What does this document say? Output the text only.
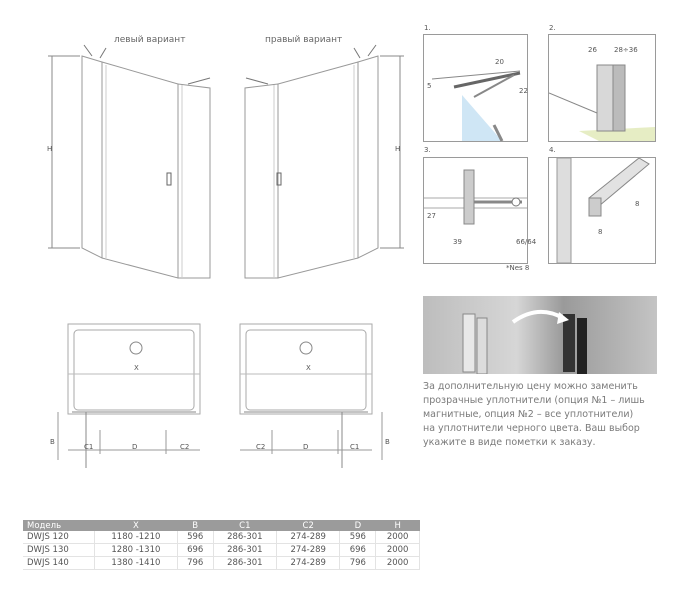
левый вариант	правый вариант
H	H
X	X
B	B
C1	D	C2	C2	D	C1
1.
20
5
22
2.
26 28÷36
3.
27
39	66/64
*Nes 8
4.
8
8
За дополнительную цену можно заменить
прозрачные уплотнители (опция №1 – лишь
магнитные, опция №2 – все уплотнители)
на уплотнители черного цвета. Ваш выбор
укажите в виде пометки к заказу.
Модель	X	B	C1	C2	D	H
DWJS 120	1180 -1210	596	286-301	274-289	596	2000
DWJS 130	1280 -1310	696	286-301	274-289	696	2000
DWJS 140	1380 -1410	796	286-301	274-289	796	2000
